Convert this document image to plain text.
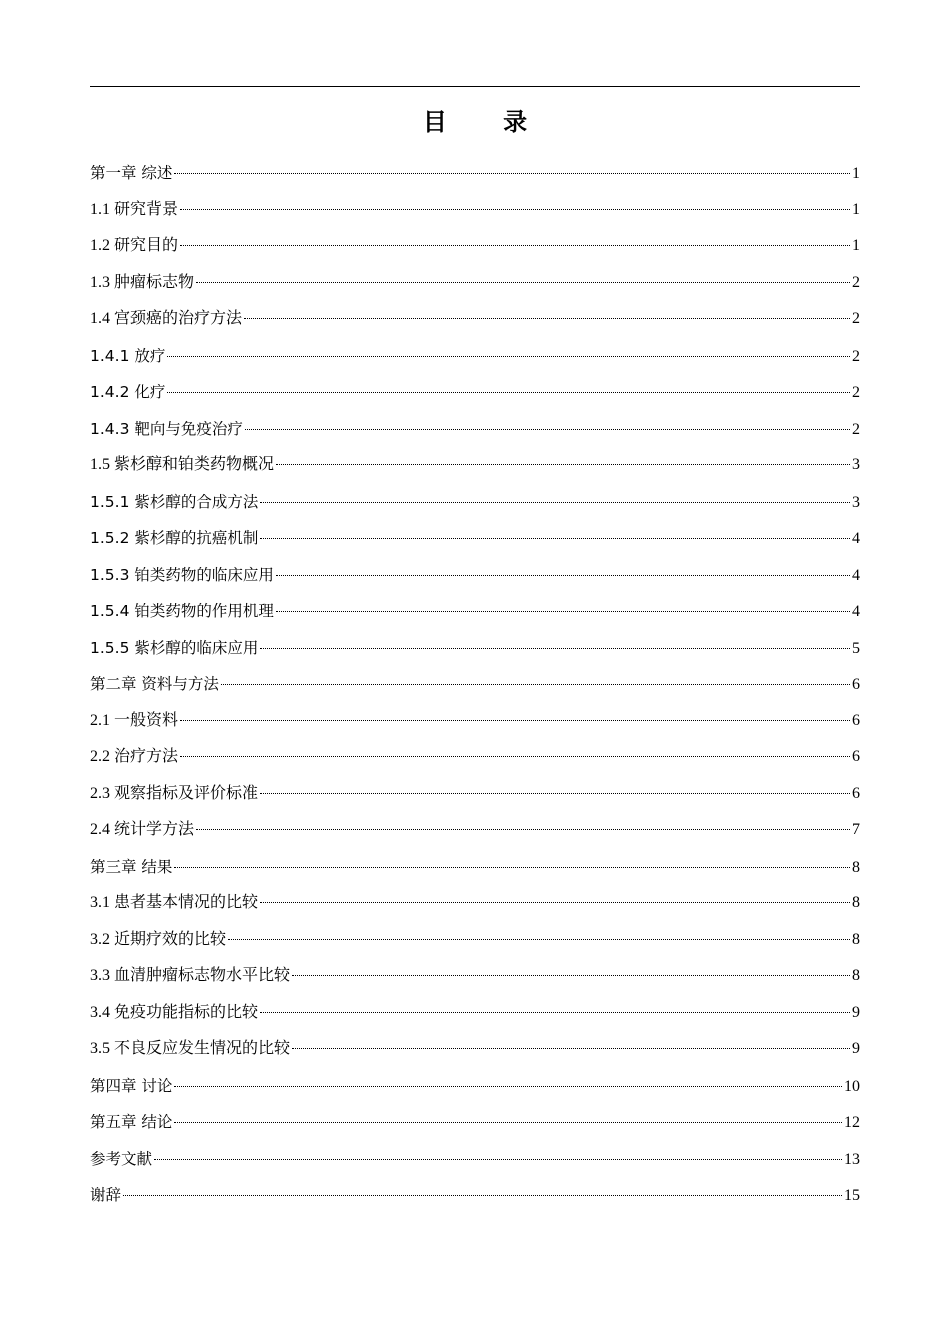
目 录
第一章 综述	1
1.1 研究背景	1
1.2 研究目的	1
1.3 肿瘤标志物	2
1.4 宫颈癌的治疗方法	2
1.4.1 放疗	2
1.4.2 化疗	2
1.4.3 靶向与免疫治疗	2
1.5 紫杉醇和铂类药物概况	3
1.5.1 紫杉醇的合成方法	3
1.5.2 紫杉醇的抗癌机制	4
1.5.3 铂类药物的临床应用	4
1.5.4 铂类药物的作用机理	4
1.5.5 紫杉醇的临床应用	5
第二章 资料与方法	6
2.1 一般资料	6
2.2 治疗方法	6
2.3 观察指标及评价标准	6
2.4 统计学方法	7
第三章 结果	8
3.1 患者基本情况的比较	8
3.2 近期疗效的比较	8
3.3 血清肿瘤标志物水平比较	8
3.4 免疫功能指标的比较	9
3.5 不良反应发生情况的比较	9
第四章 讨论	10
第五章 结论	12
参考文献	13
谢辞	15
